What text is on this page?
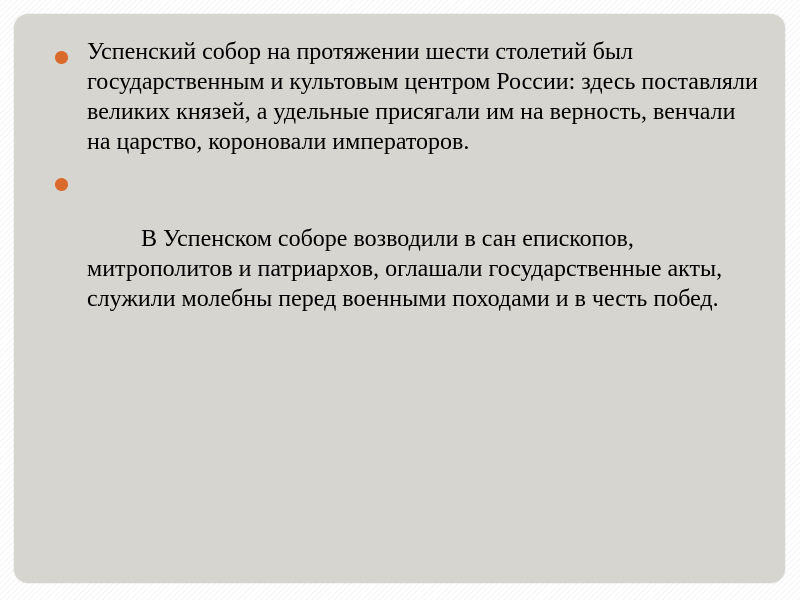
Успенский собор на протяжении шести столетий был государственным и культовым центром России: здесь поставляли великих князей, а удельные присягали им на верность, венчали на царство, короновали императоров.

В Успенском соборе возводили в сан епископов, митрополитов и патриархов, оглашали государственные акты, служили молебны перед военными походами и в честь побед.
